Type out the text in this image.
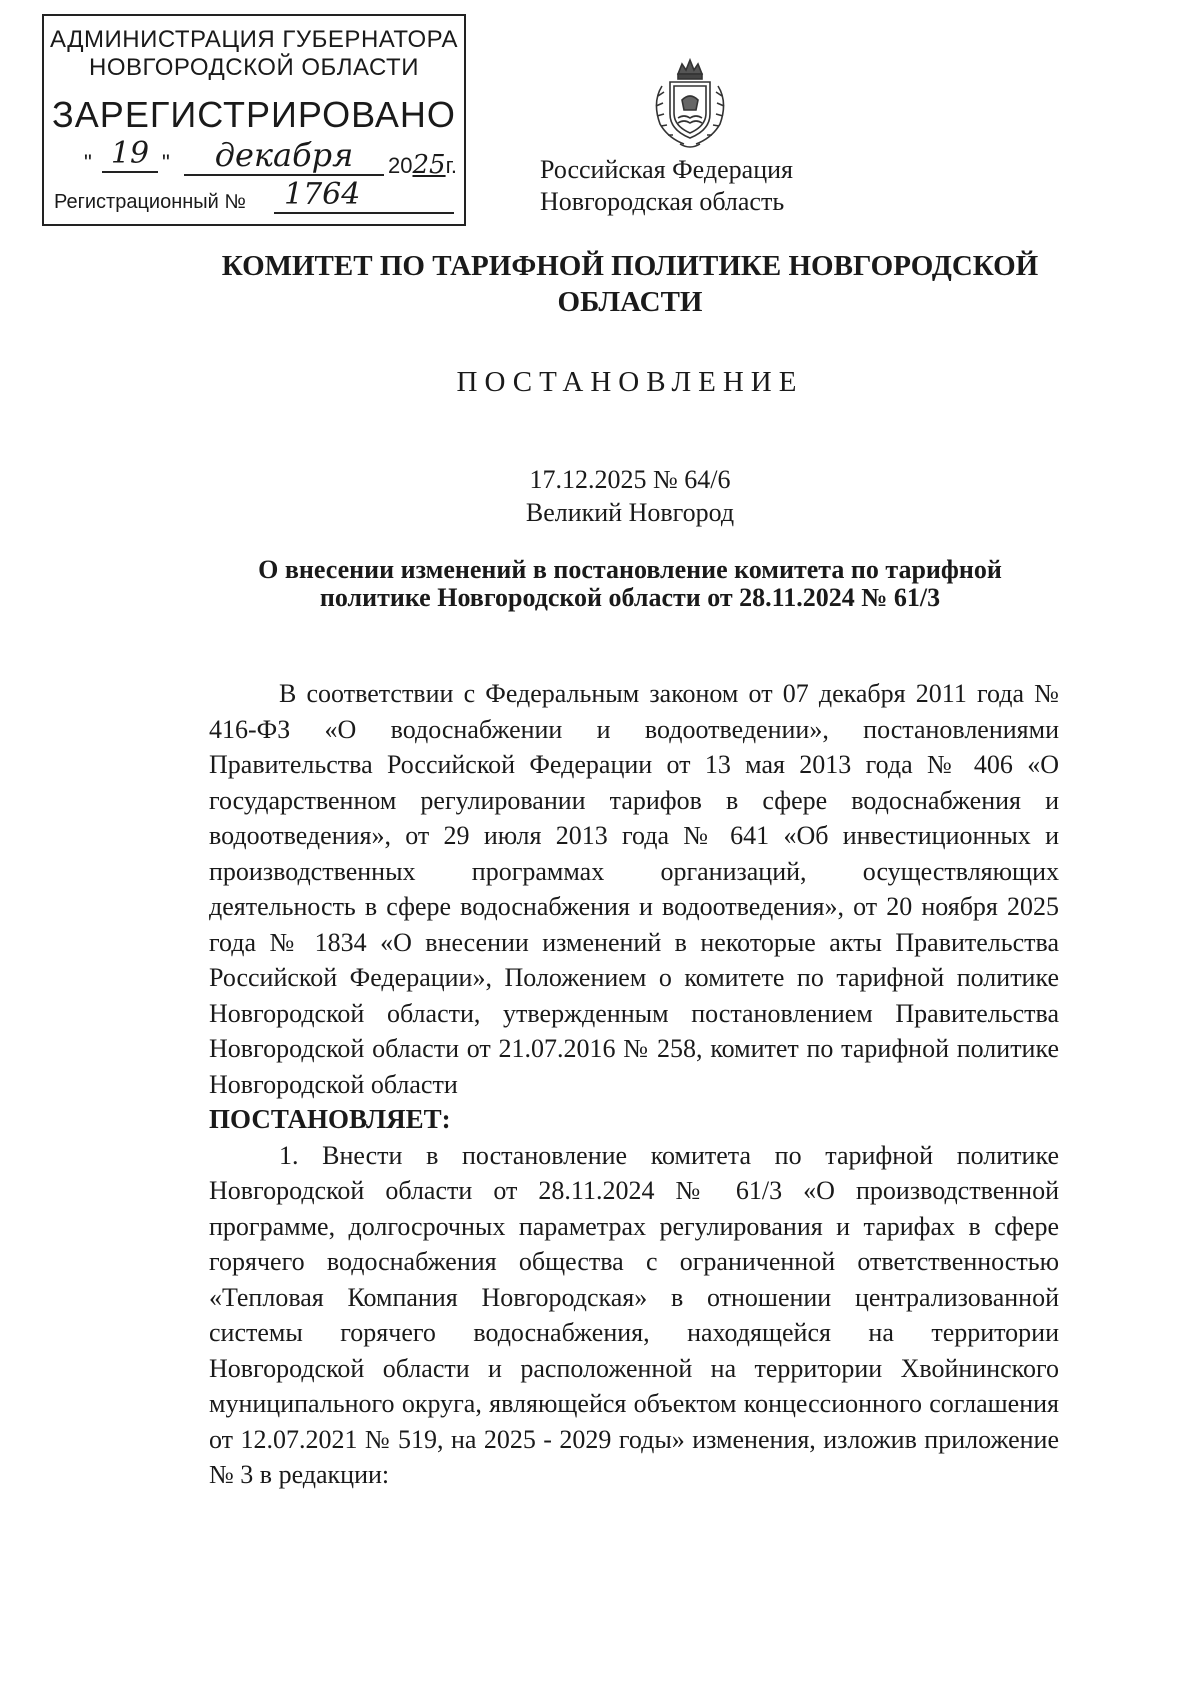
АДМИНИСТРАЦИЯ ГУБЕРНАТОРА
НОВГОРОДСКОЙ ОБЛАСТИ
ЗАРЕГИСТРИРОВАНО
" 19 "	декабря	2025г.
Регистрационный №	1764
Российская Федерация
Новгородская область
КОМИТЕТ ПО ТАРИФНОЙ ПОЛИТИКЕ НОВГОРОДСКОЙ ОБЛАСТИ
ПОСТАНОВЛЕНИЕ
17.12.2025 № 64/6
Великий Новгород
О внесении изменений в постановление комитета по тарифной политике Новгородской области от 28.11.2024 № 61/3

В соответствии с Федеральным законом от 07 декабря 2011 года № 416-ФЗ «О водоснабжении и водоотведении», постановлениями Правительства Российской Федерации от 13 мая 2013 года № 406 «О государственном регулировании тарифов в сфере водоснабжения и водоотведения», от 29 июля 2013 года № 641 «Об инвестиционных и производственных программах организаций, осуществляющих деятельность в сфере водоснабжения и водоотведения», от 20 ноября 2025 года № 1834 «О внесении изменений в некоторые акты Правительства Российской Федерации», Положением о комитете по тарифной политике Новгородской области, утвержденным постановлением Правительства Новгородской области от 21.07.2016 № 258, комитет по тарифной политике Новгородской области

ПОСТАНОВЛЯЕТ:

1. Внести в постановление комитета по тарифной политике Новгородской области от 28.11.2024 № 61/3 «О производственной программе, долгосрочных параметрах регулирования и тарифах в сфере горячего водоснабжения общества с ограниченной ответственностью «Тепловая Компания Новгородская» в отношении централизованной системы горячего водоснабжения, находящейся на территории Новгородской области и расположенной на территории Хвойнинского муниципального округа, являющейся объектом концессионного соглашения от 12.07.2021 № 519, на 2025 - 2029 годы» изменения, изложив приложение № 3 в редакции:
